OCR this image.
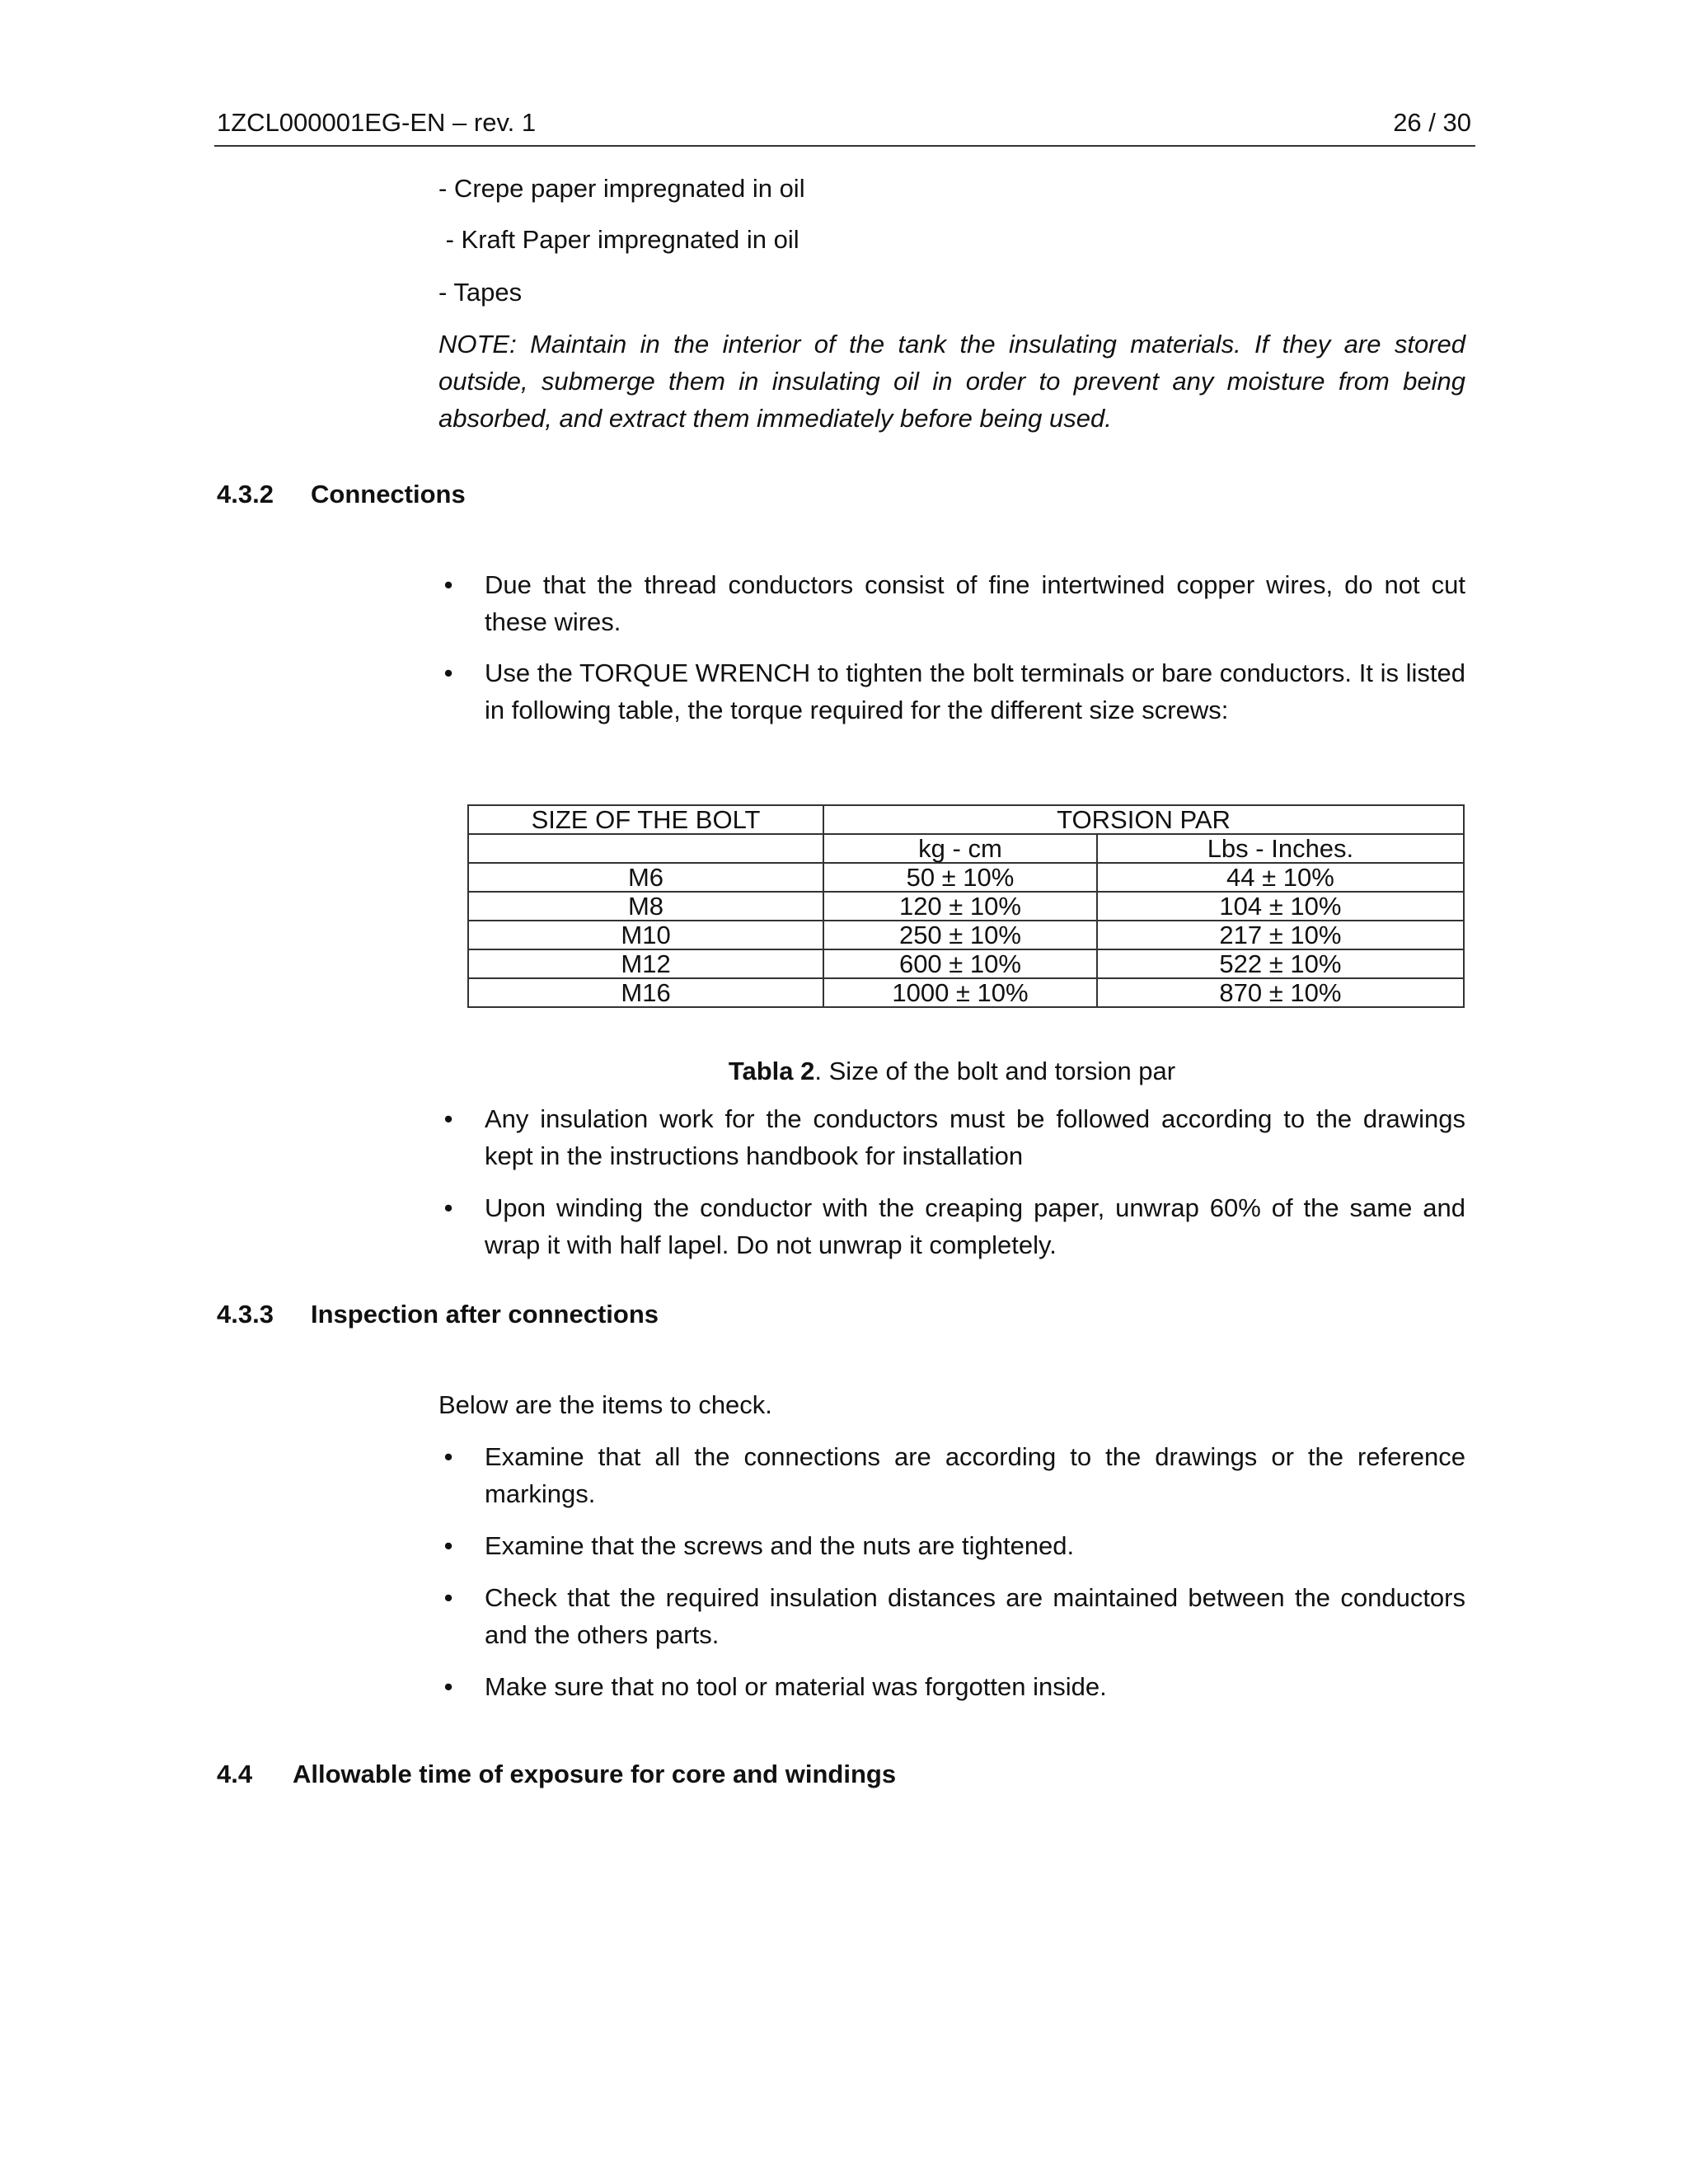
1ZCL000001EG-EN – rev. 1	26 / 30
- Crepe paper impregnated in oil
- Kraft Paper impregnated in oil
- Tapes
NOTE: Maintain in the interior of the tank the insulating materials. If they are stored outside, submerge them in insulating oil in order to prevent any moisture from being absorbed, and extract them immediately before being used.
4.3.2 Connections
• Due that the thread conductors consist of fine intertwined copper wires, do not cut these wires.
• Use the TORQUE WRENCH to tighten the bolt terminals or bare conductors. It is listed in following table, the torque required for the different size screws:
SIZE OF THE BOLT	TORSION PAR	
	kg - cm	Lbs - Inches.
M6	50 ± 10%	44 ± 10%
M8	120 ± 10%	104 ± 10%
M10	250 ± 10%	217 ± 10%
M12	600 ± 10%	522 ± 10%
M16	1000 ± 10%	870 ± 10%
Tabla 2. Size of the bolt and torsion par
• Any insulation work for the conductors must be followed according to the drawings kept in the instructions handbook for installation
• Upon winding the conductor with the creaping paper, unwrap 60% of the same and wrap it with half lapel. Do not unwrap it completely.
4.3.3 Inspection after connections
Below are the items to check.
• Examine that all the connections are according to the drawings or the reference markings.
• Examine that the screws and the nuts are tightened.
• Check that the required insulation distances are maintained between the conductors and the others parts.
• Make sure that no tool or material was forgotten inside.
4.4 Allowable time of exposure for core and windings
